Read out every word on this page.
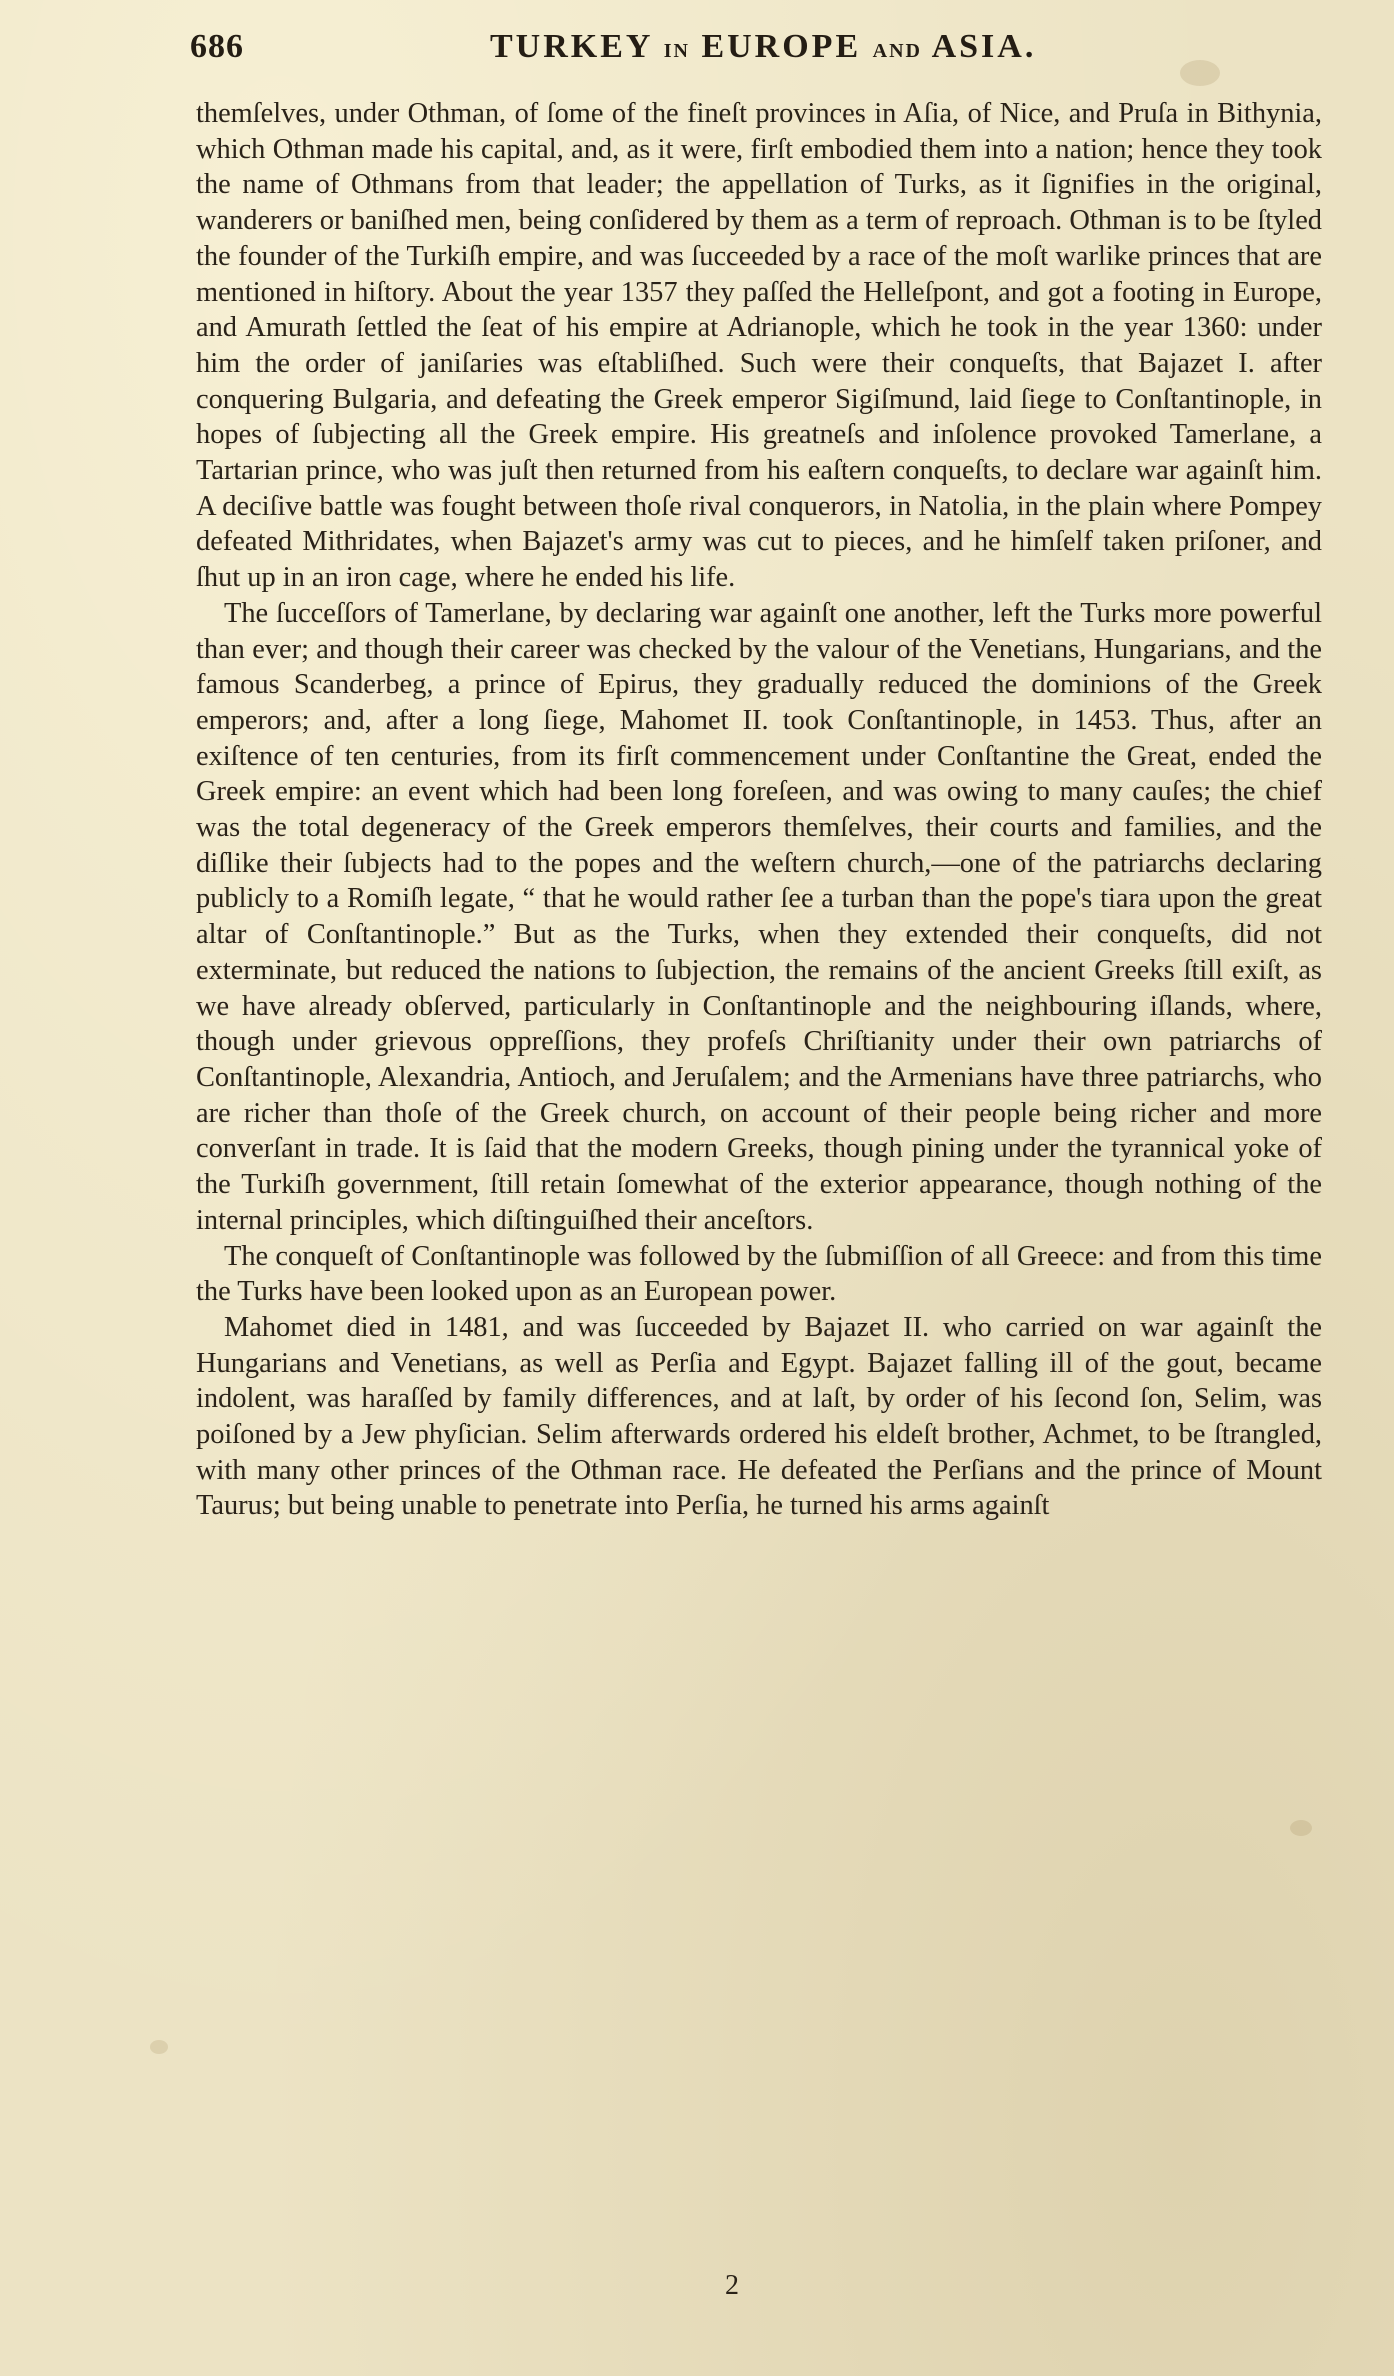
686	TURKEY IN EUROPE AND ASIA.

themſelves, under Othman, of ſome of the fineſt provinces in Aſia, of Nice, and Pruſa in Bithynia, which Othman made his capital, and, as it were, firſt embodied them into a nation; hence they took the name of Othmans from that leader; the appellation of Turks, as it ſignifies in the original, wanderers or baniſhed men, being conſidered by them as a term of reproach. Othman is to be ſtyled the founder of the Turkiſh empire, and was ſucceeded by a race of the moſt warlike princes that are mentioned in hiſtory. About the year 1357 they paſſed the Helleſpont, and got a footing in Europe, and Amurath ſettled the ſeat of his empire at Adrianople, which he took in the year 1360: under him the order of janiſaries was eſtabliſhed. Such were their conqueſts, that Bajazet I. after conquering Bulgaria, and defeating the Greek emperor Sigiſmund, laid ſiege to Conſtantinople, in hopes of ſubjecting all the Greek empire. His greatneſs and inſolence provoked Tamerlane, a Tartarian prince, who was juſt then returned from his eaſtern conqueſts, to declare war againſt him. A deciſive battle was fought between thoſe rival conquerors, in Natolia, in the plain where Pompey defeated Mithridates, when Bajazet's army was cut to pieces, and he himſelf taken priſoner, and ſhut up in an iron cage, where he ended his life.

The ſucceſſors of Tamerlane, by declaring war againſt one another, left the Turks more powerful than ever; and though their career was checked by the valour of the Venetians, Hungarians, and the famous Scanderbeg, a prince of Epirus, they gradually reduced the dominions of the Greek emperors; and, after a long ſiege, Mahomet II. took Conſtantinople, in 1453. Thus, after an exiſtence of ten centuries, from its firſt commencement under Conſtantine the Great, ended the Greek empire: an event which had been long foreſeen, and was owing to many cauſes; the chief was the total degeneracy of the Greek emperors themſelves, their courts and families, and the diſlike their ſubjects had to the popes and the weſtern church,—one of the patriarchs declaring publicly to a Romiſh legate, “ that he would rather ſee a turban than the pope's tiara upon the great altar of Conſtantinople.” But as the Turks, when they extended their conqueſts, did not exterminate, but reduced the nations to ſubjection, the remains of the ancient Greeks ſtill exiſt, as we have already obſerved, particularly in Conſtantinople and the neighbouring iſlands, where, though under grievous oppreſſions, they profeſs Chriſtianity under their own patriarchs of Conſtantinople, Alexandria, Antioch, and Jeruſalem; and the Armenians have three patriarchs, who are richer than thoſe of the Greek church, on account of their people being richer and more converſant in trade. It is ſaid that the modern Greeks, though pining under the tyrannical yoke of the Turkiſh government, ſtill retain ſomewhat of the exterior appearance, though nothing of the internal principles, which diſtinguiſhed their anceſtors.

The conqueſt of Conſtantinople was followed by the ſubmiſſion of all Greece: and from this time the Turks have been looked upon as an European power.

Mahomet died in 1481, and was ſucceeded by Bajazet II. who carried on war againſt the Hungarians and Venetians, as well as Perſia and Egypt. Bajazet falling ill of the gout, became indolent, was haraſſed by family differences, and at laſt, by order of his ſecond ſon, Selim, was poiſoned by a Jew phyſician. Selim afterwards ordered his eldeſt brother, Achmet, to be ſtrangled, with many other princes of the Othman race. He defeated the Perſians and the prince of Mount Taurus; but being unable to penetrate into Perſia, he turned his arms againſt

2
